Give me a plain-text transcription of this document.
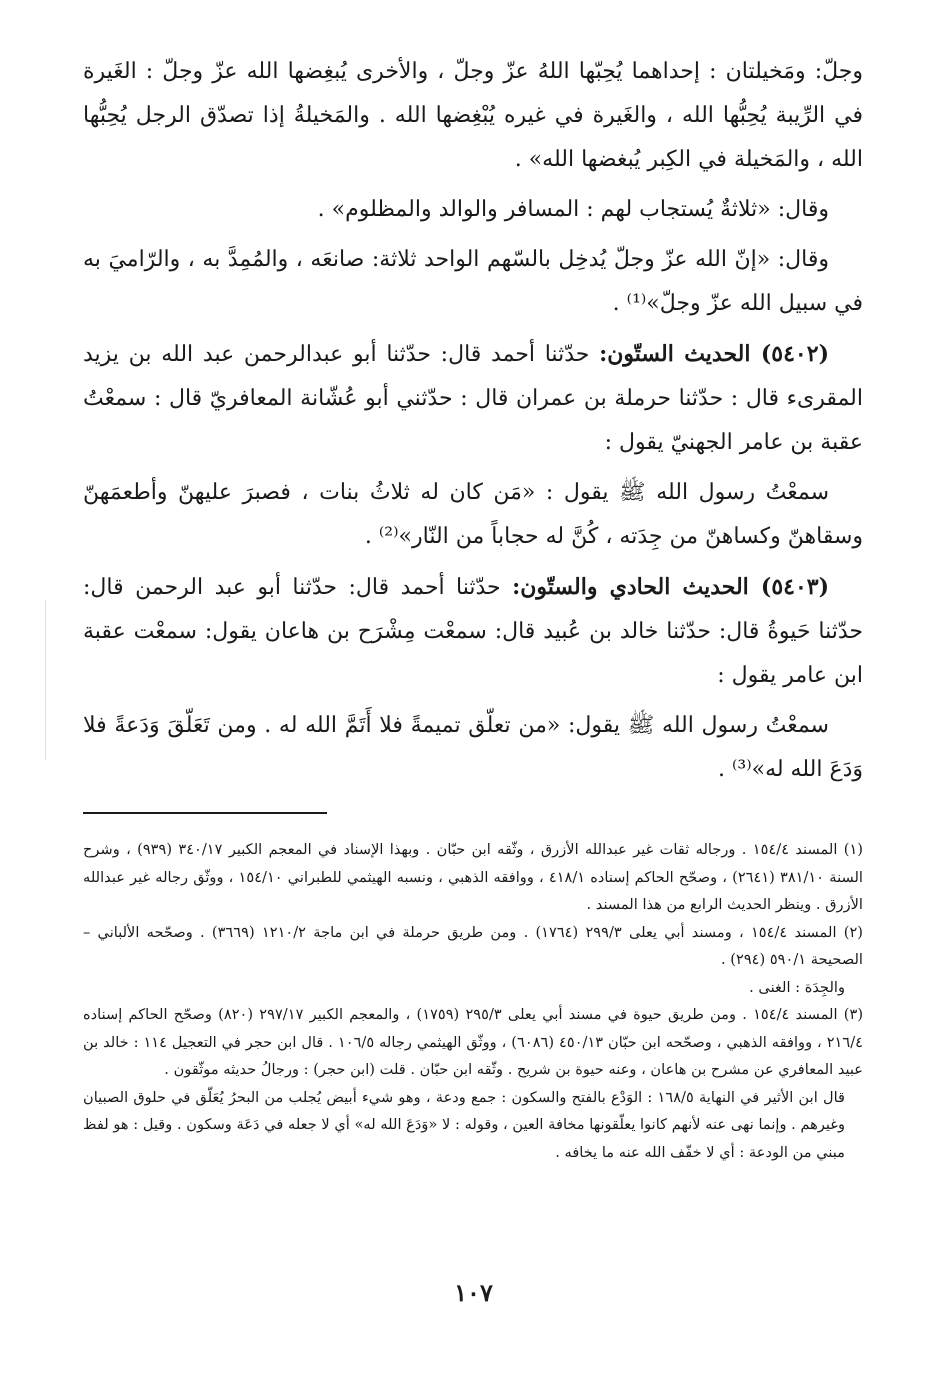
وجلّ: ومَخيلتان : إحداهما يُحِبّها اللهُ عزّ وجلّ ، والأخرى يُبغِضها الله عزّ وجلّ : الغَيرة في الرِّيبة يُحِبُّها الله ، والغَيرة في غيره يُبْغِضها الله . والمَخيلةُ إذا تصدّق الرجل يُحِبُّها الله ، والمَخيلة في الكِبر يُبغضها الله» .

وقال: «ثلاثةٌ يُستجاب لهم : المسافر والوالد والمظلوم» .

وقال: «إنّ الله عزّ وجلّ يُدخِل بالسّهم الواحد ثلاثة: صانعَه ، والمُمِدَّ به ، والرّاميَ به في سبيل الله عزّ وجلّ»⁽¹⁾ .

(٥٤٠٢) الحديث الستّون: حدّثنا أحمد قال: حدّثنا أبو عبدالرحمن عبد الله بن يزيد المقرىء قال : حدّثنا حرملة بن عمران قال : حدّثني أبو عُشّانة المعافريّ قال : سمعْتُ عقبة بن عامر الجهنيّ يقول :

سمعْتُ رسول الله ﷺ يقول : «مَن كان له ثلاثُ بنات ، فصبرَ عليهنّ وأطعمَهنّ وسقاهنّ وكساهنّ من جِدَته ، كُنَّ له حجاباً من النّار»⁽²⁾ .

(٥٤٠٣) الحديث الحادي والستّون: حدّثنا أحمد قال: حدّثنا أبو عبد الرحمن قال: حدّثنا حَيوةُ قال: حدّثنا خالد بن عُبيد قال: سمعْت مِشْرَح بن هاعان يقول: سمعْت عقبة ابن عامر يقول :

سمعْتُ رسول الله ﷺ يقول: «من تعلّق تميمةً فلا أَتَمَّ الله له . ومن تَعَلّقَ وَدَعةً فلا وَدَعَ الله له»⁽³⁾ .

(١) المسند ١٥٤/٤ . ورجاله ثقات غير عبدالله الأزرق ، وثّقه ابن حبّان . وبهذا الإسناد في المعجم الكبير ٣٤٠/١٧ (٩٣٩) ، وشرح السنة ٣٨١/١٠ (٢٦٤١) ، وصحّح الحاكم إسناده ٤١٨/١ ، ووافقه الذهبي ، ونسبه الهيثمي للطبراني ١٥٤/١٠ ، ووثّق رجاله غير عبدالله الأزرق . وينظر الحديث الرابع من هذا المسند .

(٢) المسند ١٥٤/٤ ، ومسند أبي يعلى ٢٩٩/٣ (١٧٦٤) . ومن طريق حرملة في ابن ماجة ١٢١٠/٢ (٣٦٦٩) . وصحّحه الألباني – الصحيحة ٥٩٠/١ (٢٩٤) .

والجِدَة : الغنى .

(٣) المسند ١٥٤/٤ . ومن طريق حيوة في مسند أبي يعلى ٢٩٥/٣ (١٧٥٩) ، والمعجم الكبير ٢٩٧/١٧ (٨٢٠) وصحّح الحاكم إسناده ٢١٦/٤ ، ووافقه الذهبي ، وصحّحه ابن حبّان ٤٥٠/١٣ (٦٠٨٦) ، ووثّق الهيثمي رجاله ١٠٦/٥ . قال ابن حجر في التعجيل ١١٤ : خالد بن عبيد المعافري عن مشرح بن هاعان ، وعنه حيوة بن شريح . وثّقه ابن حبّان . قلت (ابن حجر) : ورجالُ حديثه موثّقون .

قال ابن الأثير في النهاية ١٦٨/٥ : الوَدْع بالفتح والسكون : جمع ودعة ، وهو شيء أبيض يُجلب من البحرُ يُعَلّق في حلوق الصبيان وغيرهم . وإنما نهى عنه لأنهم كانوا يعلّقونها مخافة العين ، وقوله : لا «وَدَعَ الله له» أي لا جعله في دَعَة وسكون . وقيل : هو لفظ مبني من الودعة : أي لا خفّف الله عنه ما يخافه .

١٠٧
